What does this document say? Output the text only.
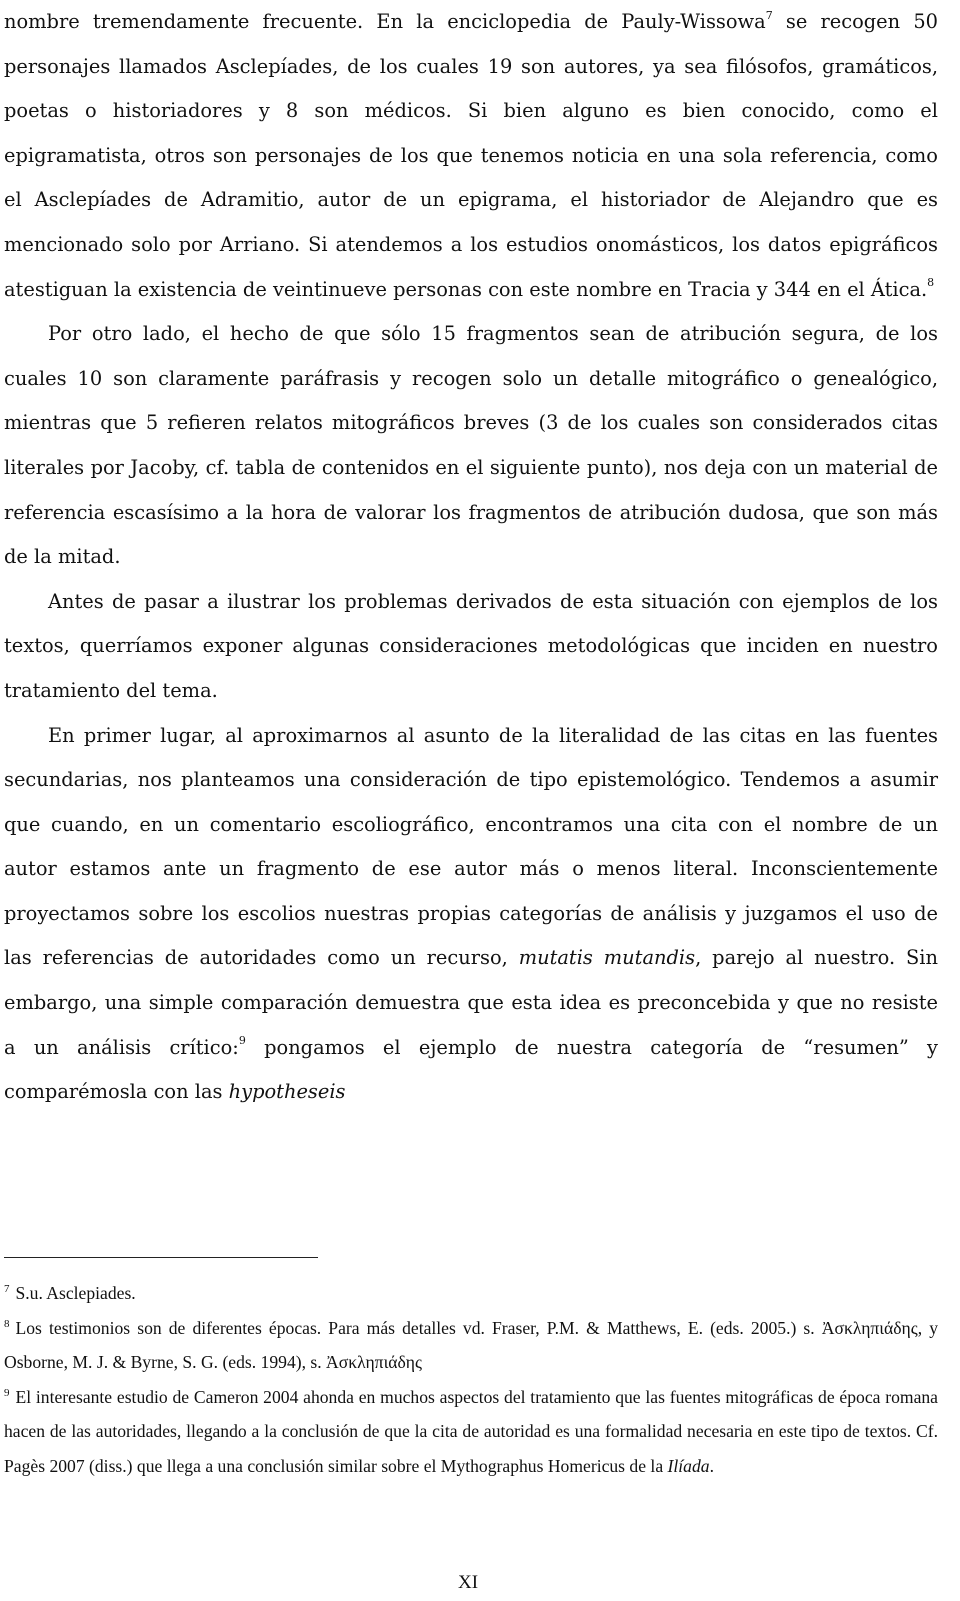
nombre tremendamente frecuente. En la enciclopedia de Pauly-Wissowa$^7$ se recogen 50 personajes llamados Asclepíades, de los cuales 19 son autores, ya sea filósofos, gramáticos, poetas o historiadores y 8 son médicos. Si bien alguno es bien conocido, como el epigramatista, otros son personajes de los que tenemos noticia en una sola referencia, como el Asclepíades de Adramitio, autor de un epigrama, el historiador de Alejandro que es mencionado solo por Arriano. Si atendemos a los estudios onomásticos, los datos epigráficos atestiguan la existencia de veintinueve personas con este nombre en Tracia y 344 en el Ática.$^8$

Por otro lado, el hecho de que sólo 15 fragmentos sean de atribución segura, de los cuales 10 son claramente paráfrasis y recogen solo un detalle mitográfico o genealógico, mientras que 5 refieren relatos mitográficos breves (3 de los cuales son considerados citas literales por Jacoby, cf. tabla de contenidos en el siguiente punto), nos deja con un material de referencia escasísimo a la hora de valorar los fragmentos de atribución dudosa, que son más de la mitad.

Antes de pasar a ilustrar los problemas derivados de esta situación con ejemplos de los textos, querríamos exponer algunas consideraciones metodológicas que inciden en nuestro tratamiento del tema.

En primer lugar, al aproximarnos al asunto de la literalidad de las citas en las fuentes secundarias, nos planteamos una consideración de tipo epistemológico. Tendemos a asumir que cuando, en un comentario escoliográfico, encontramos una cita con el nombre de un autor estamos ante un fragmento de ese autor más o menos literal. Inconscientemente proyectamos sobre los escolios nuestras propias categorías de análisis y juzgamos el uso de las referencias de autoridades como un recurso, mutatis mutandis, parejo al nuestro. Sin embargo, una simple comparación demuestra que esta idea es preconcebida y que no resiste a un análisis crítico:$^9$ pongamos el ejemplo de nuestra categoría de “resumen” y comparémosla con las hypotheseis

$^7$ S.u. Asclepiades.

$^8$ Los testimonios son de diferentes épocas. Para más detalles vd. Fraser, P.M. & Matthews, E. (eds. 2005.) s. Ἀσκληπιάδης, y Osborne, M. J. & Byrne, S. G. (eds. 1994), s. Ἀσκληπιάδης

$^9$ El interesante estudio de Cameron 2004 ahonda en muchos aspectos del tratamiento que las fuentes mitográficas de época romana hacen de las autoridades, llegando a la conclusión de que la cita de autoridad es una formalidad necesaria en este tipo de textos. Cf. Pagès 2007 (diss.) que llega a una conclusión similar sobre el Mythographus Homericus de la Ilíada.

XI
